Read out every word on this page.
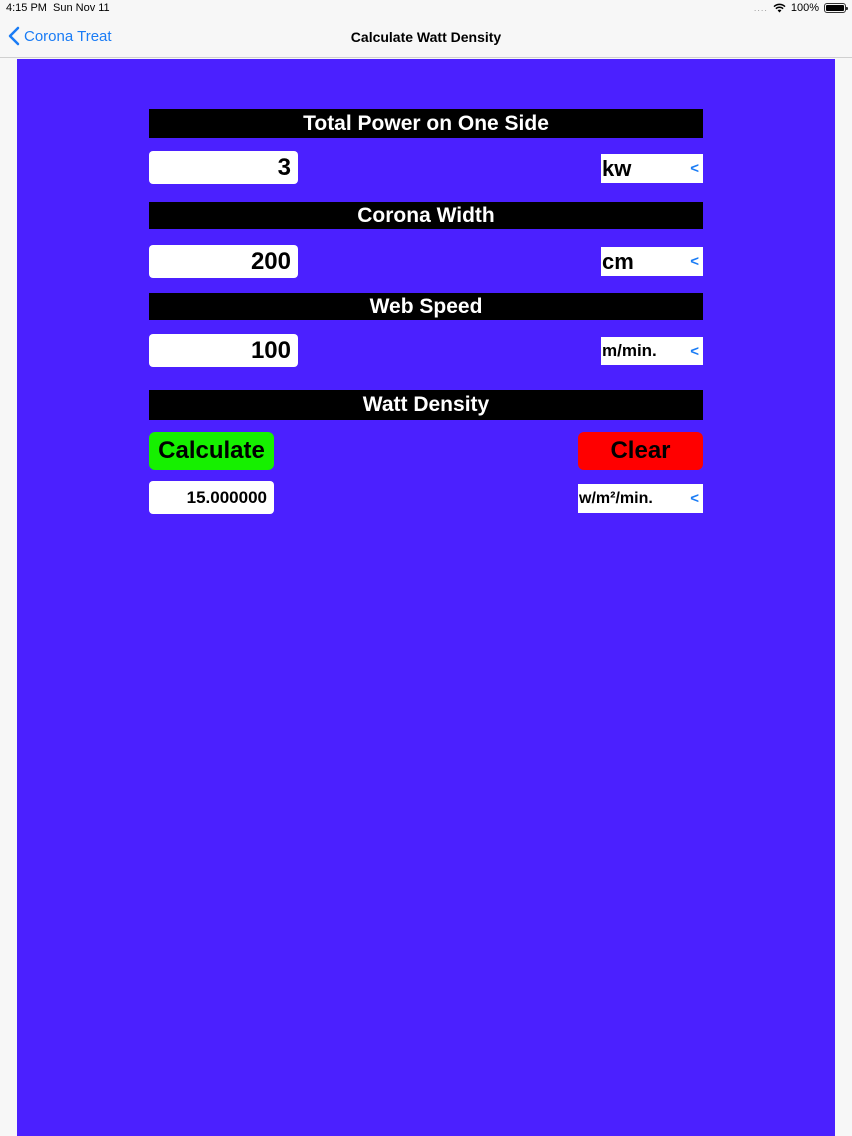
4:15 PM Sun Nov 11	.... 100%
Corona Treat	Calculate Watt Density
Total Power on One Side
3	kw	<
Corona Width
200	cm	<
Web Speed
100	m/min. <
Watt Density
Calculate	Clear
15.000000	w/m²/min. <
